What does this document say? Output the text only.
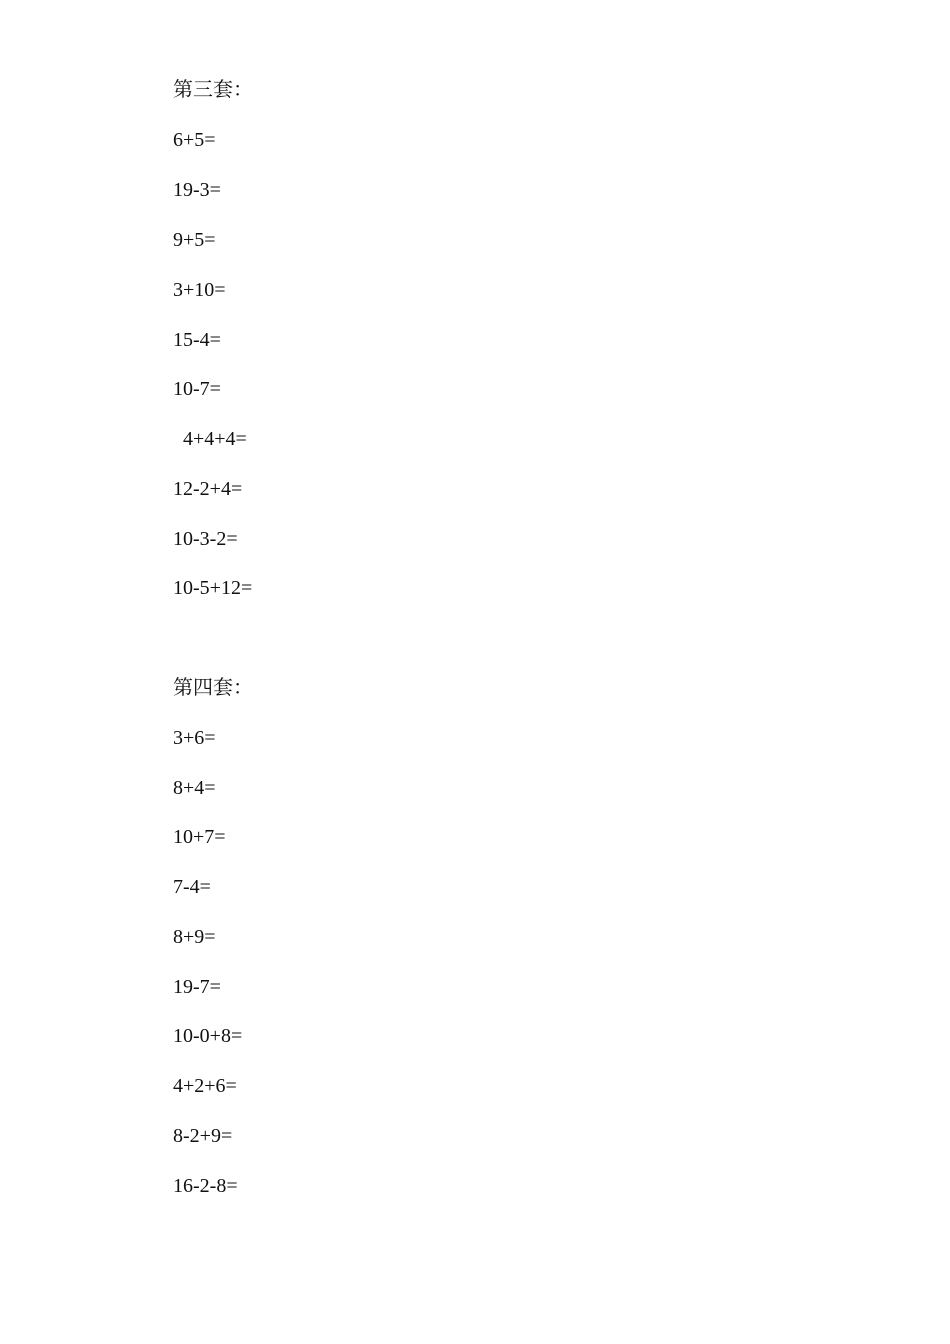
第三套：
6+5=
19-3=
9+5=
3+10=
15-4=
10-7=
4+4+4=
12-2+4=
10-3-2=
10-5+12=
第四套：
3+6=
8+4=
10+7=
7-4=
8+9=
19-7=
10-0+8=
4+2+6=
8-2+9=
16-2-8=
